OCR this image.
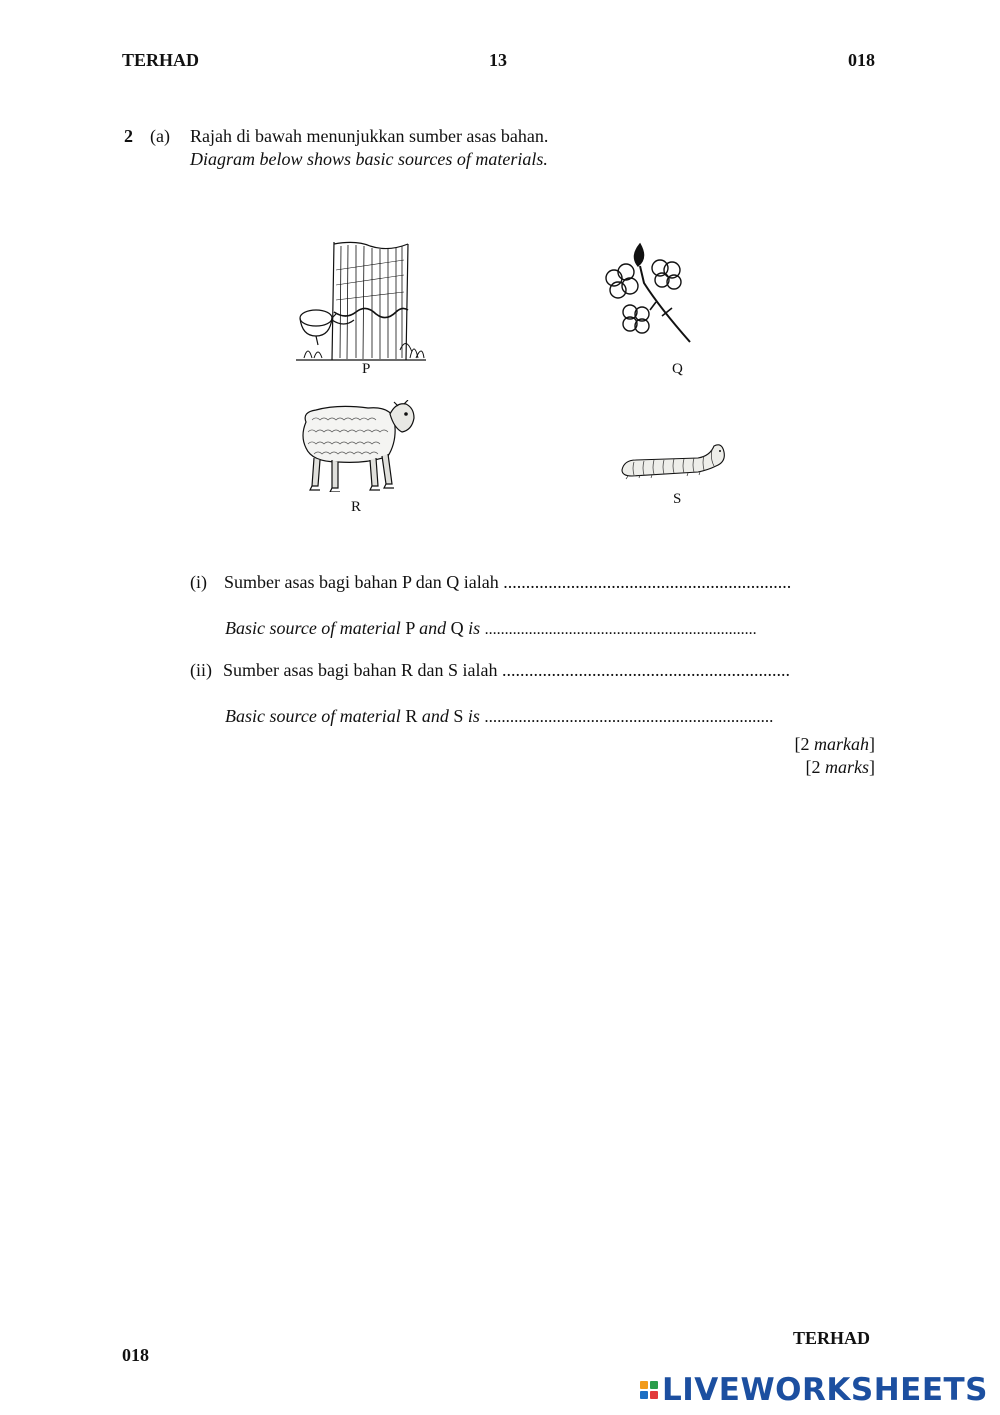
TERHAD	13	018
2 (a) Rajah di bawah menunjukkan sumber asas bahan.
Diagram below shows basic sources of materials.
P	Q
R	S
(i) Sumber asas bagi bahan P dan Q ialah ................................................................
Basic source of material P and Q is ....................................................................
(ii) Sumber asas bagi bahan R dan S ialah ................................................................
Basic source of material R and S is ....................................................................
[2 markah]
[2 marks]
TERHAD
018
LIVEWORKSHEETS
